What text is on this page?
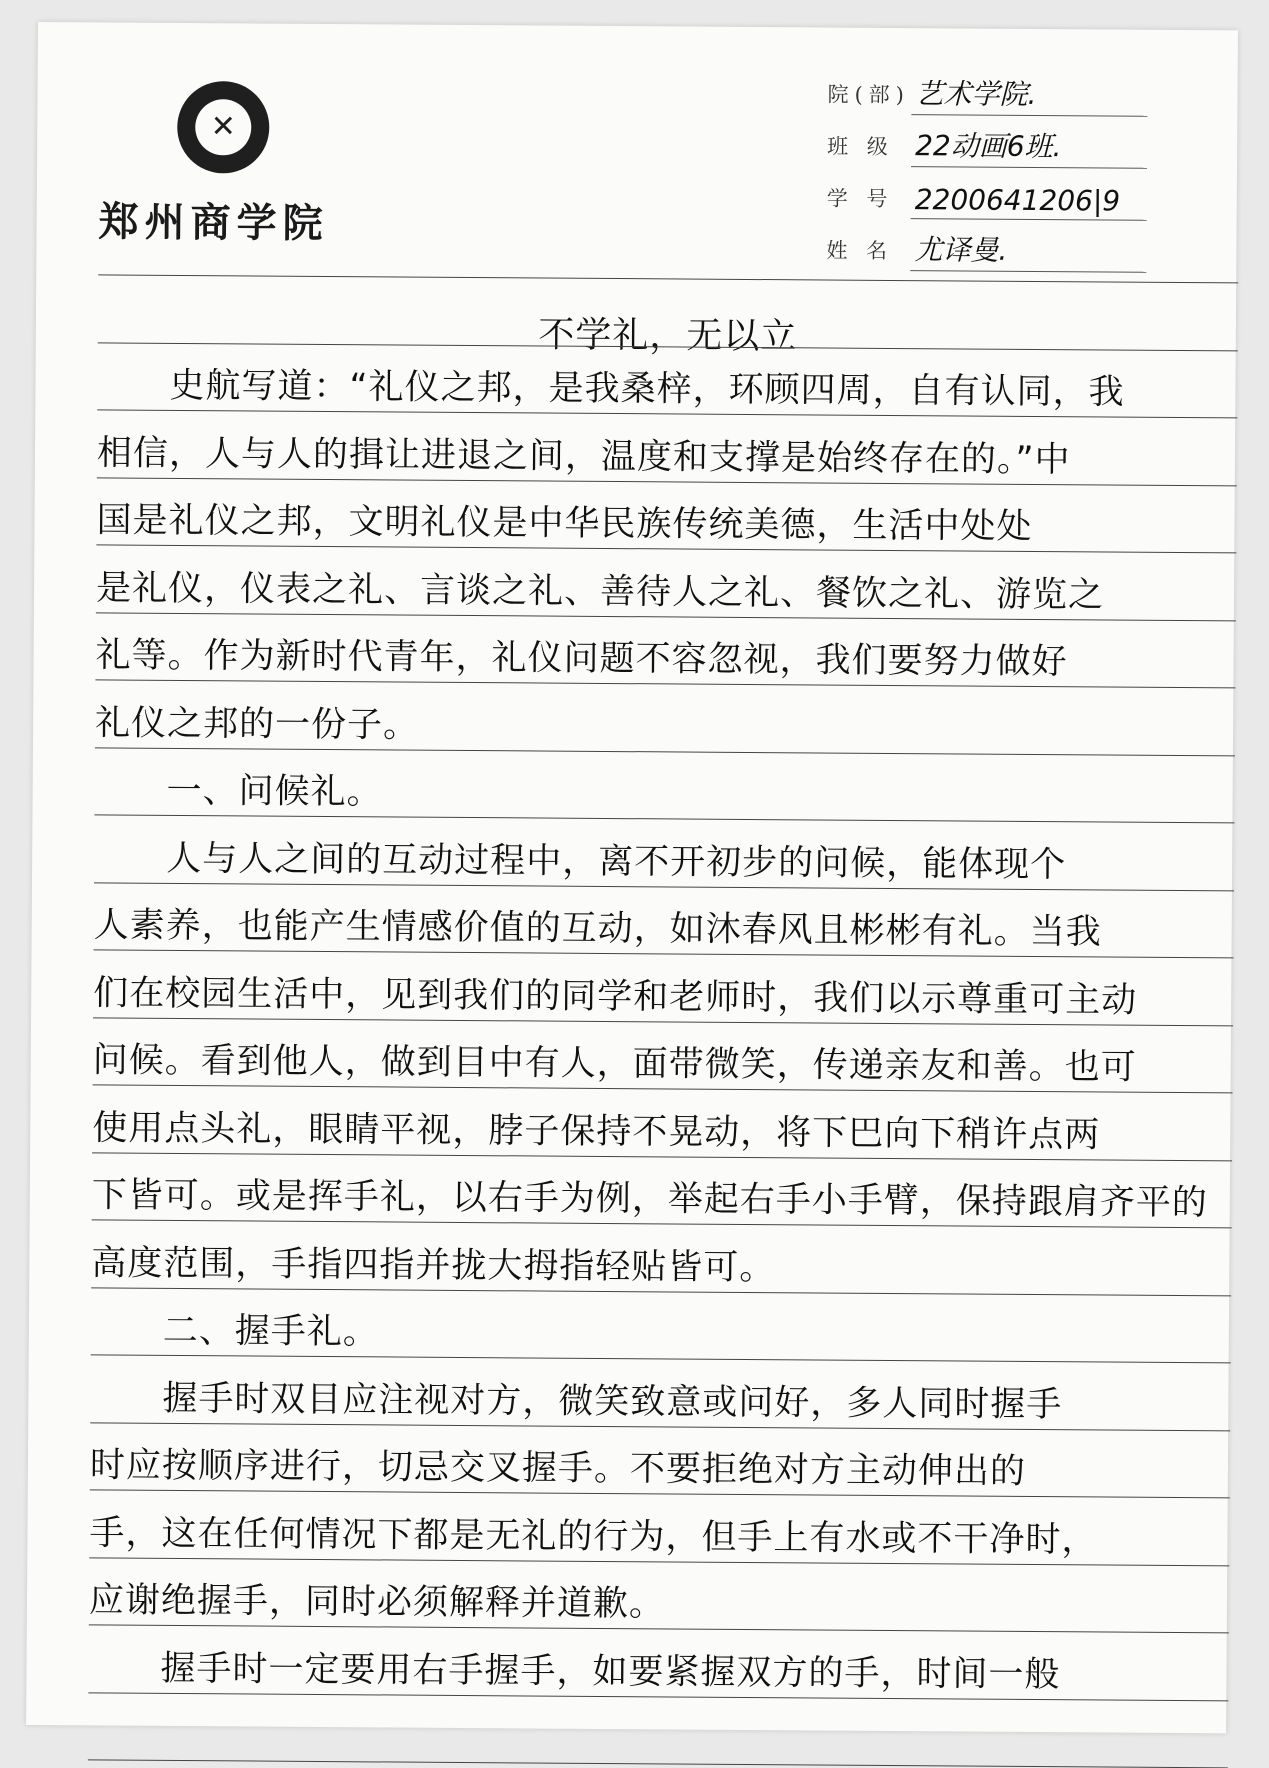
✕
郑州商学院
院(部) 艺术学院.
班 级 22动画6班.
学 号 2200641206|9
姓 名 尤译曼.
不学礼，无以立
　　史航写道：“礼仪之邦，是我桑梓，环顾四周，自有认同，我
相信，人与人的揖让进退之间，温度和支撑是始终存在的。”中
国是礼仪之邦，文明礼仪是中华民族传统美德，生活中处处
是礼仪，仪表之礼、言谈之礼、善待人之礼、餐饮之礼、游览之
礼等。作为新时代青年，礼仪问题不容忽视，我们要努力做好
礼仪之邦的一份子。
　　一、问候礼。
　　人与人之间的互动过程中，离不开初步的问候，能体现个
人素养，也能产生情感价值的互动，如沐春风且彬彬有礼。当我
们在校园生活中，见到我们的同学和老师时，我们以示尊重可主动
问候。看到他人，做到目中有人，面带微笑，传递亲友和善。也可
使用点头礼，眼睛平视，脖子保持不晃动，将下巴向下稍许点两
下皆可。或是挥手礼，以右手为例，举起右手小手臂，保持跟肩齐平的
高度范围，手指四指并拢大拇指轻贴皆可。
　　二、握手礼。
　　握手时双目应注视对方，微笑致意或问好，多人同时握手
时应按顺序进行，切忌交叉握手。不要拒绝对方主动伸出的
手，这在任何情况下都是无礼的行为，但手上有水或不干净时，
应谢绝握手，同时必须解释并道歉。
　　握手时一定要用右手握手，如要紧握双方的手，时间一般
